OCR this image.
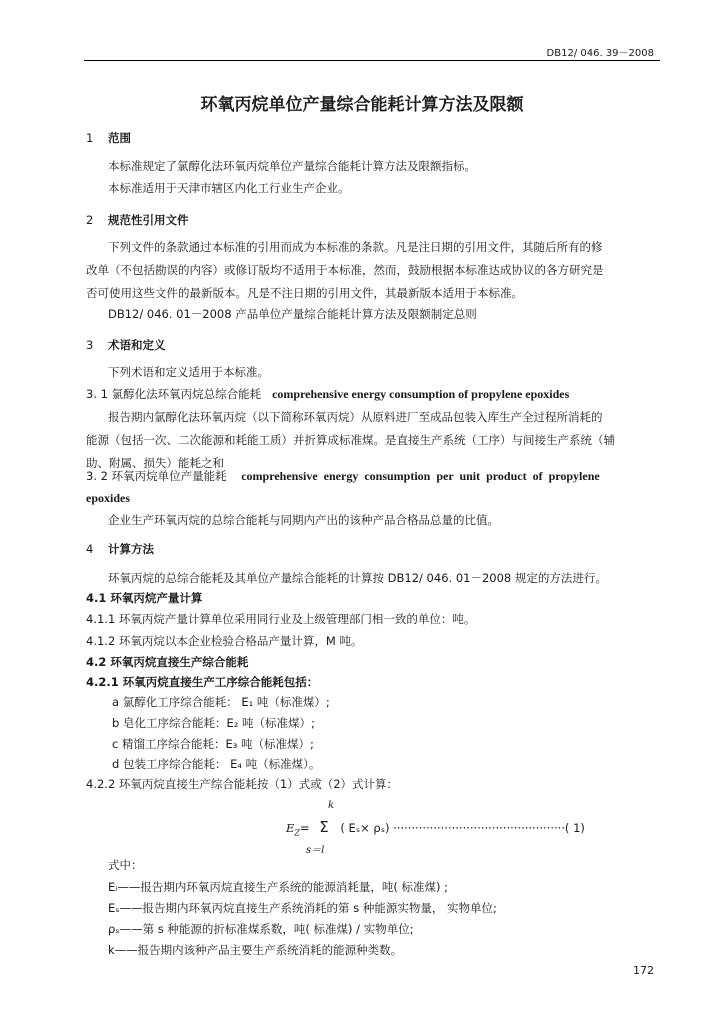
DB12/ 046. 39－2008
环氧丙烷单位产量综合能耗计算方法及限额
1 范围
本标准规定了氯醇化法环氧丙烷单位产量综合能耗计算方法及限额指标。
本标准适用于天津市辖区内化工行业生产企业。
2 规范性引用文件
下列文件的条款通过本标准的引用而成为本标准的条款。凡是注日期的引用文件，其随后所有的修
改单（不包括勘误的内容）或修订版均不适用于本标准，然而，鼓励根据本标准达成协议的各方研究是
否可使用这些文件的最新版本。凡是不注日期的引用文件，其最新版本适用于本标准。
DB12/ 046. 01－2008 产品单位产量综合能耗计算方法及限额制定总则
3 术语和定义
下列术语和定义适用于本标准。
3. 1 氯醇化法环氧丙烷总综合能耗 comprehensive energy consumption of propylene epoxides
报告期内氯醇化法环氧丙烷（以下简称环氧丙烷）从原料进厂至成品包装入库生产全过程所消耗的
能源（包括一次、二次能源和耗能工质）并折算成标准煤。是直接生产系统（工序）与间接生产系统（辅
助、附属、损失）能耗之和
3. 2 环氧丙烷单位产量能耗 comprehensive energy consumption per unit product of propylene
epoxides
企业生产环氧丙烷的总综合能耗与同期内产出的该种产品合格品总量的比值。
4 计算方法
环氧丙烷的总综合能耗及其单位产量综合能耗的计算按 DB12/ 046. 01－2008 规定的方法进行。
4.1 环氧丙烷产量计算
4.1.1 环氧丙烷产量计算单位采用同行业及上级管理部门相一致的单位：吨。
4.1.2 环氧丙烷以本企业检验合格品产量计算，M 吨。
4.2 环氧丙烷直接生产综合能耗
4.2.1 环氧丙烷直接生产工序综合能耗包括：
a 氯醇化工序综合能耗： E₁ 吨（标准煤）;
b 皂化工序综合能耗：E₂ 吨（标准煤）;
c 精馏工序综合能耗：E₃ 吨（标准煤）;
d 包装工序综合能耗： E₄ 吨（标准煤）。
4.2.2 环氧丙烷直接生产综合能耗按（1）式或（2）式计算：
k
$E_Z= \Sigma$ ( Eₛ× ρₛ) ···············································( 1)
s＝l
式中：
Eᵢ——报告期内环氧丙烷直接生产系统的能源消耗量，吨( 标准煤) ;
Eₛ——报告期内环氧丙烷直接生产系统消耗的第 s 种能源实物量， 实物单位;
ρₛ——第 s 种能源的折标准煤系数，吨( 标准煤) / 实物单位;
k——报告期内该种产品主要生产系统消耗的能源种类数。
172
